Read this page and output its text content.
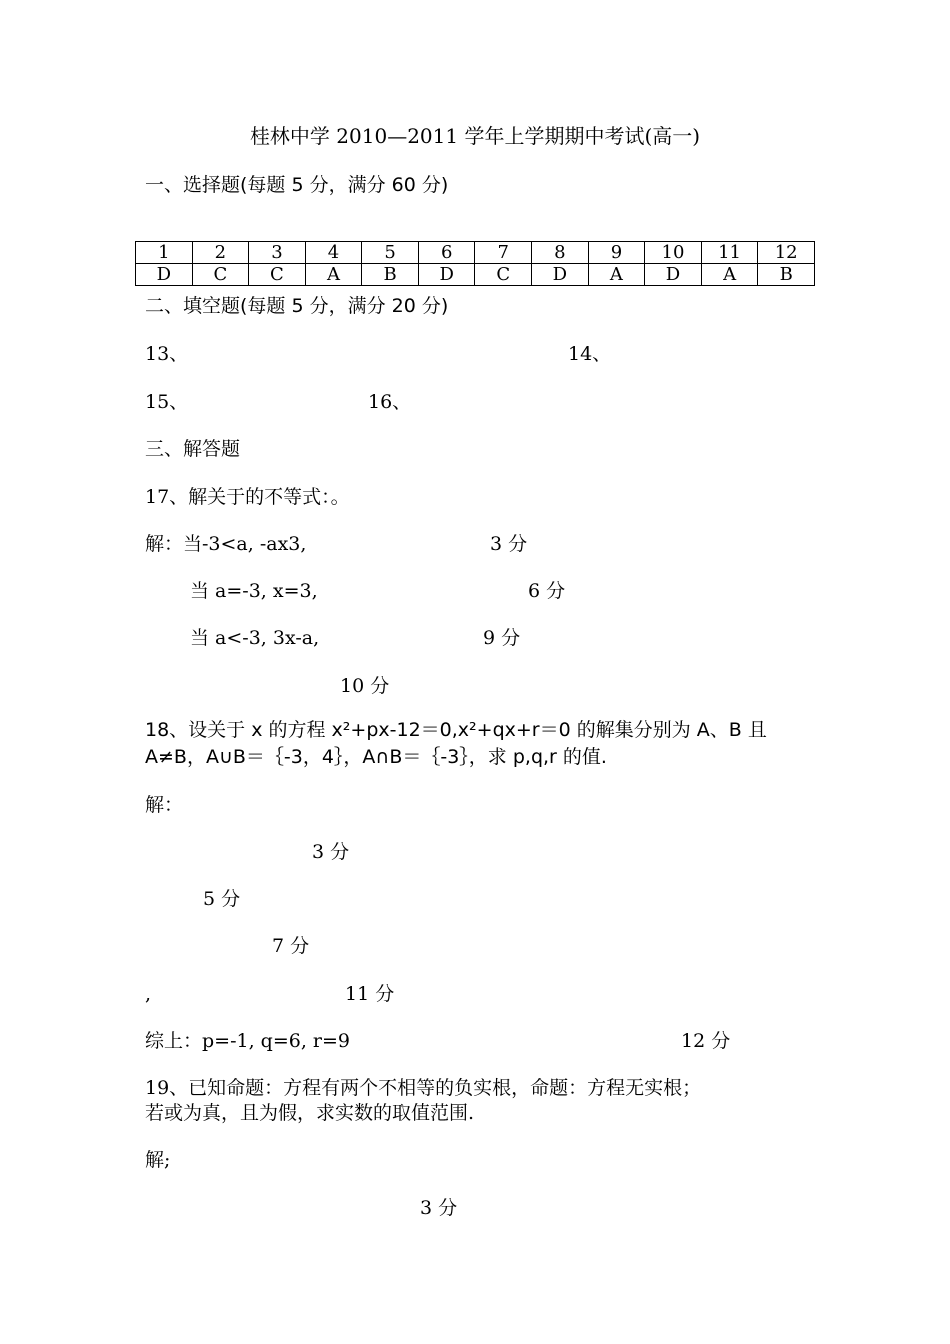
桂林中学 2010—2011 学年上学期期中考试(高一)
一、选择题(每题 5 分，满分 60 分)
1	2	3	4	5	6	7	8	9	10	11	12
D	C	C	A	B	D	C	D	A	D	A	B
二、填空题(每题 5 分，满分 20 分)
13、	14、
15、	16、
三、解答题
17、解关于的不等式：。
解：当-3<a, -ax3,	3 分
当 a=-3, x=3,	6 分
当 a<-3, 3x-a,	9 分
10 分
18、设关于 x 的方程 x²+px-12＝0,x²+qx+r＝0 的解集分别为 A、B 且
A≠B，A∪B＝｛-3，4｝，A∩B＝｛-3｝，求 p,q,r 的值.
解：
3 分
5 分
7 分
,	11 分
综上：p=-1, q=6, r=9	12 分
19、已知命题：方程有两个不相等的负实根，命题：方程无实根；
若或为真，且为假，求实数的取值范围.
解;
3 分
